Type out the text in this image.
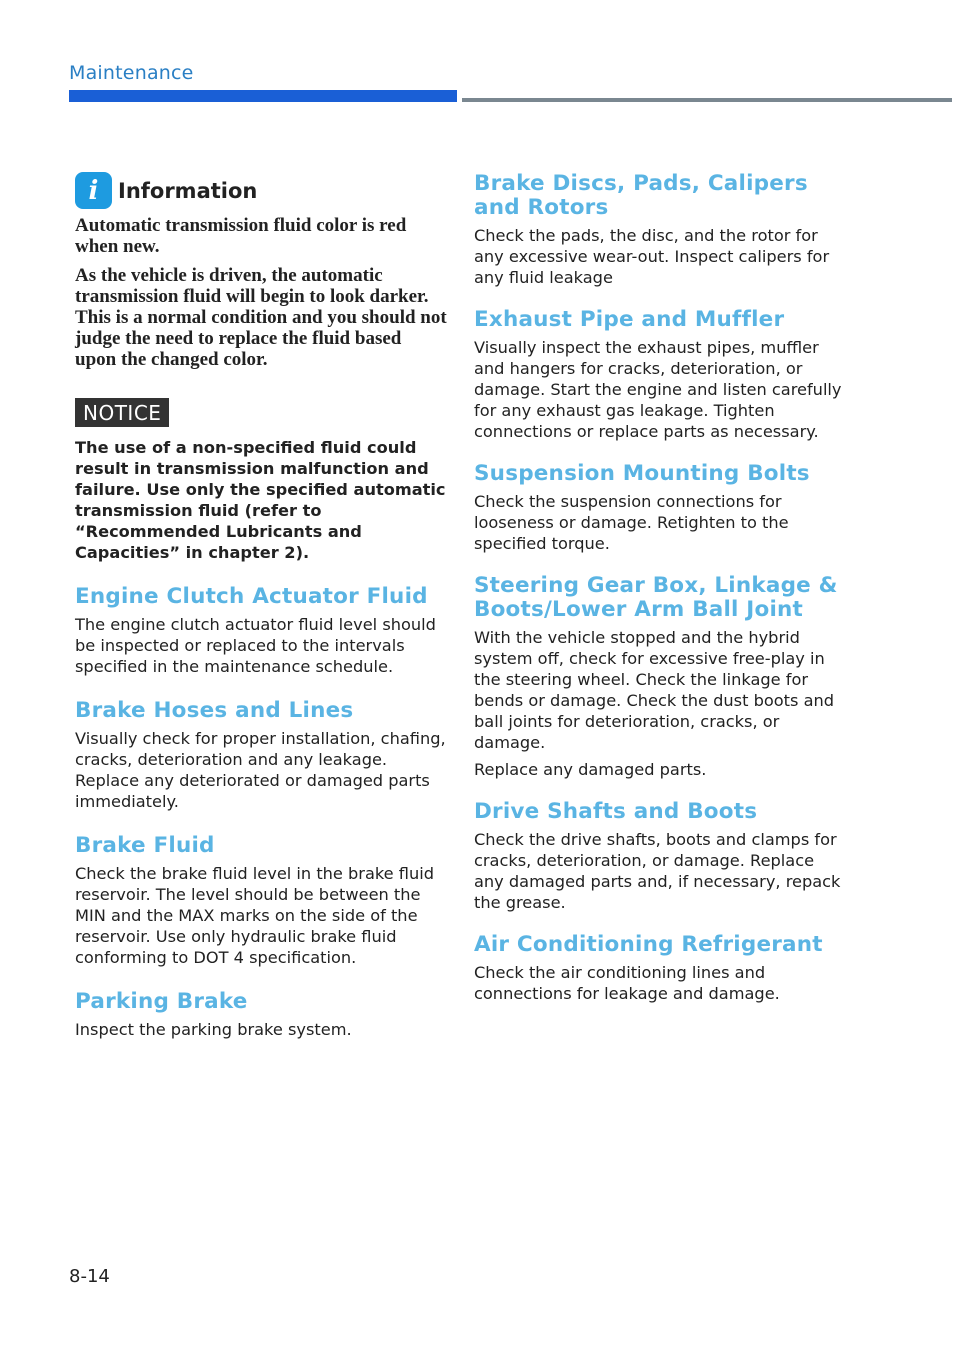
Maintenance
i Information

Automatic transmission fluid color is red when new.

As the vehicle is driven, the automatic transmission fluid will begin to look darker. This is a normal condition and you should not judge the need to replace the fluid based upon the changed color.

NOTICE

The use of a non-specified fluid could result in transmission malfunction and failure. Use only the specified automatic transmission fluid (refer to “Recommended Lubricants and Capacities” in chapter 2).

Engine Clutch Actuator Fluid

The engine clutch actuator fluid level should be inspected or replaced to the intervals specified in the maintenance schedule.

Brake Hoses and Lines

Visually check for proper installation, chafing, cracks, deterioration and any leakage. Replace any deteriorated or damaged parts immediately.

Brake Fluid

Check the brake fluid level in the brake fluid reservoir. The level should be between the MIN and the MAX marks on the side of the reservoir. Use only hydraulic brake fluid conforming to DOT 4 specification.

Parking Brake

Inspect the parking brake system.

Brake Discs, Pads, Calipers and Rotors

Check the pads, the disc, and the rotor for any excessive wear-out. Inspect calipers for any fluid leakage

Exhaust Pipe and Muffler

Visually inspect the exhaust pipes, muffler and hangers for cracks, deterioration, or damage. Start the engine and listen carefully for any exhaust gas leakage. Tighten connections or replace parts as necessary.

Suspension Mounting Bolts

Check the suspension connections for looseness or damage. Retighten to the specified torque.

Steering Gear Box, Linkage & Boots/Lower Arm Ball Joint

With the vehicle stopped and the hybrid system off, check for excessive free-play in the steering wheel. Check the linkage for bends or damage. Check the dust boots and ball joints for deterioration, cracks, or damage.

Replace any damaged parts.

Drive Shafts and Boots

Check the drive shafts, boots and clamps for cracks, deterioration, or damage. Replace any damaged parts and, if necessary, repack the grease.

Air Conditioning Refrigerant

Check the air conditioning lines and connections for leakage and damage.

8-14
